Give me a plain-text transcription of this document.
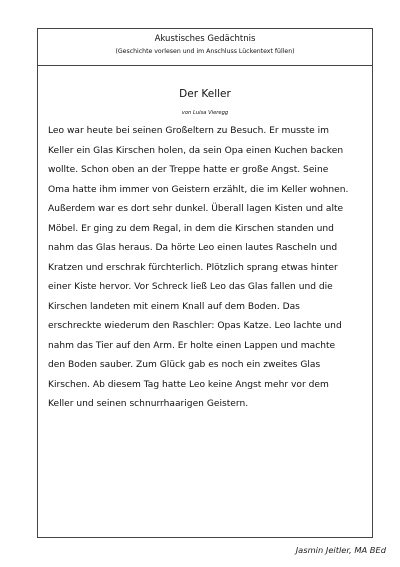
Akustisches Gedächtnis
(Geschichte vorlesen und im Anschluss Lückentext füllen)
Der Keller
von Luisa Vieregg
Leo war heute bei seinen Großeltern zu Besuch. Er musste im
Keller ein Glas Kirschen holen, da sein Opa einen Kuchen backen
wollte. Schon oben an der Treppe hatte er große Angst. Seine
Oma hatte ihm immer von Geistern erzählt, die im Keller wohnen.
Außerdem war es dort sehr dunkel. Überall lagen Kisten und alte
Möbel. Er ging zu dem Regal, in dem die Kirschen standen und
nahm das Glas heraus. Da hörte Leo einen lautes Rascheln und
Kratzen und erschrak fürchterlich. Plötzlich sprang etwas hinter
einer Kiste hervor. Vor Schreck ließ Leo das Glas fallen und die
Kirschen landeten mit einem Knall auf dem Boden. Das
erschreckte wiederum den Raschler: Opas Katze. Leo lachte und
nahm das Tier auf den Arm. Er holte einen Lappen und machte
den Boden sauber. Zum Glück gab es noch ein zweites Glas
Kirschen. Ab diesem Tag hatte Leo keine Angst mehr vor dem
Keller und seinen schnurrhaarigen Geistern.
Jasmin Jeitler, MA BEd
